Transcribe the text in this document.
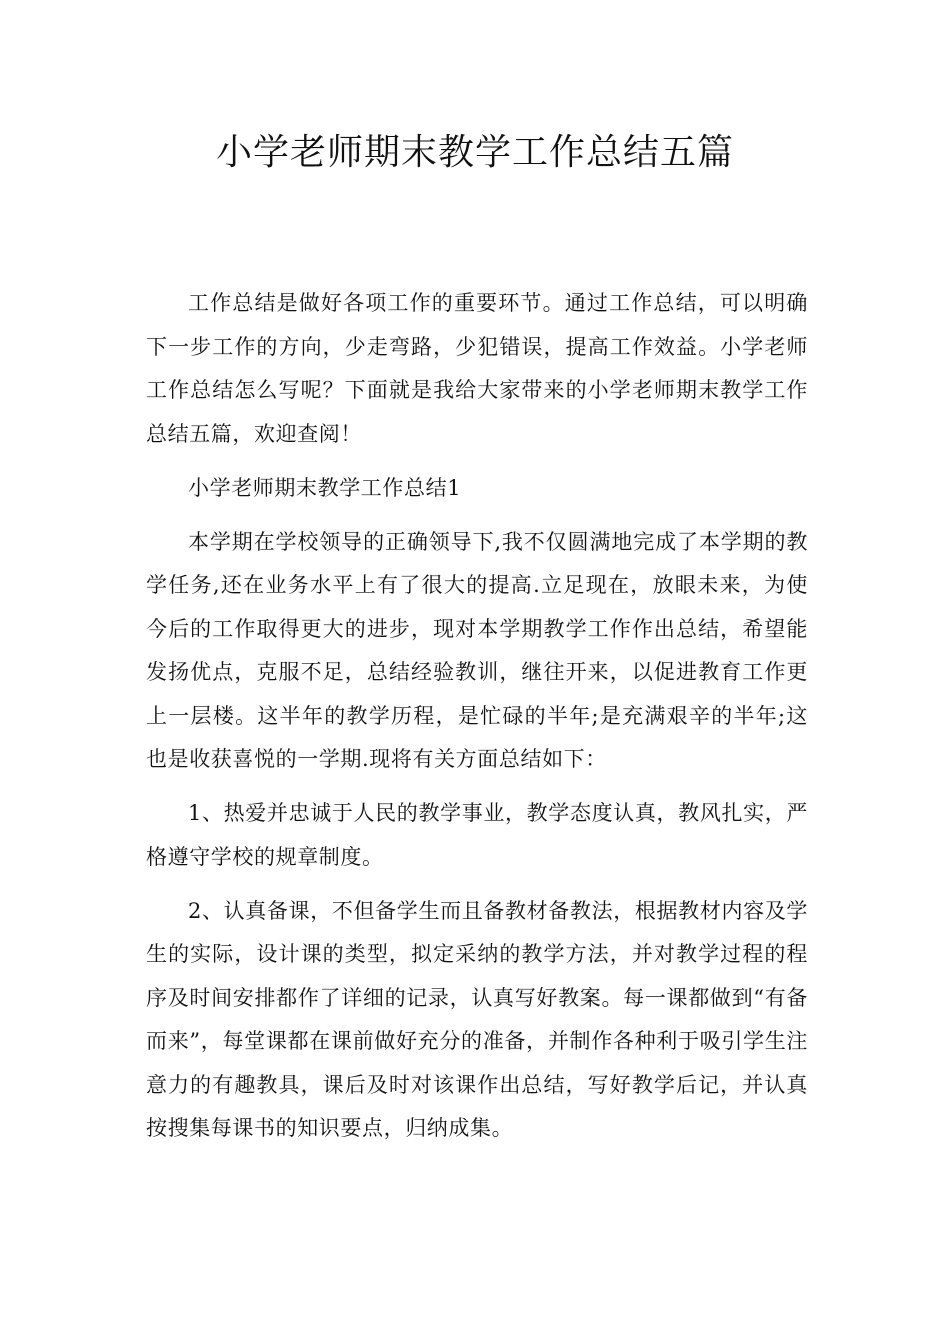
小学老师期末教学工作总结五篇

工作总结是做好各项工作的重要环节。通过工作总结，可以明确下一步工作的方向，少走弯路，少犯错误，提高工作效益。小学老师工作总结怎么写呢？下面就是我给大家带来的小学老师期末教学工作总结五篇，欢迎查阅！

小学老师期末教学工作总结1

本学期在学校领导的正确领导下,我不仅圆满地完成了本学期的教学任务,还在业务水平上有了很大的提高.立足现在，放眼未来，为使今后的工作取得更大的进步，现对本学期教学工作作出总结，希望能发扬优点，克服不足，总结经验教训，继往开来，以促进教育工作更上一层楼。这半年的教学历程，是忙碌的半年;是充满艰辛的半年;这也是收获喜悦的一学期.现将有关方面总结如下：

1、热爱并忠诚于人民的教学事业，教学态度认真，教风扎实，严格遵守学校的规章制度。

2、认真备课，不但备学生而且备教材备教法，根据教材内容及学生的实际，设计课的类型，拟定采纳的教学方法，并对教学过程的程序及时间安排都作了详细的记录，认真写好教案。每一课都做到“有备而来”，每堂课都在课前做好充分的准备，并制作各种利于吸引学生注意力的有趣教具，课后及时对该课作出总结，写好教学后记，并认真按搜集每课书的知识要点，归纳成集。
